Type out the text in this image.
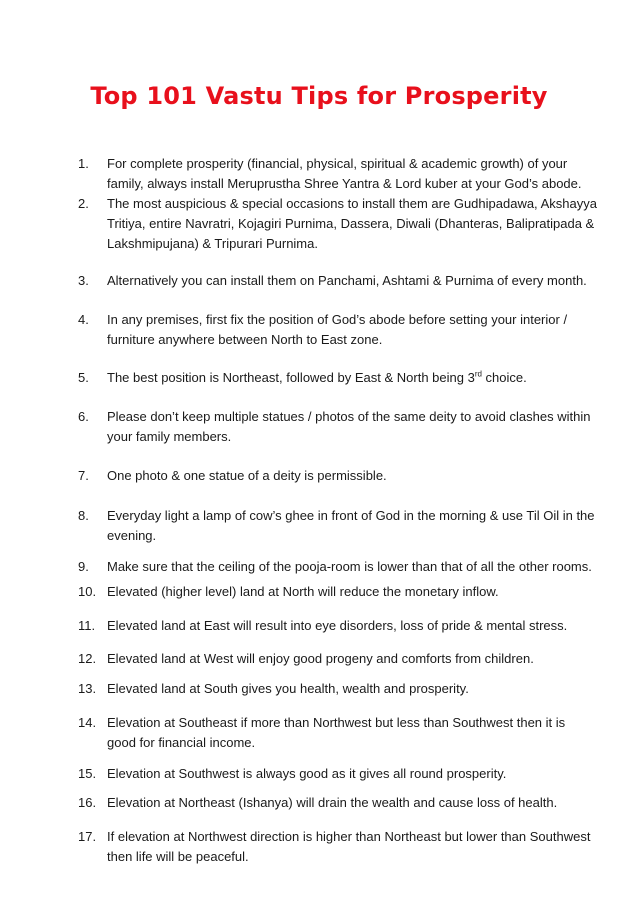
Top 101 Vastu Tips for Prosperity
1. For complete prosperity (financial, physical, spiritual & academic growth) of your family, always install Meruprustha Shree Yantra & Lord kuber at your God’s abode.
2. The most auspicious & special occasions to install them are Gudhipadawa, Akshayya Tritiya, entire Navratri, Kojagiri Purnima, Dassera, Diwali (Dhanteras, Balipratipada & Lakshmipujana) & Tripurari Purnima.
3. Alternatively you can install them on Panchami, Ashtami & Purnima of every month.
4. In any premises, first fix the position of God’s abode before setting your interior / furniture anywhere between North to East zone.
5. The best position is Northeast, followed by East & North being 3rd choice.
6. Please don’t keep multiple statues / photos of the same deity to avoid clashes within your family members.
7. One photo & one statue of a deity is permissible.
8. Everyday light a lamp of cow’s ghee in front of God in the morning & use Til Oil in the evening.
9. Make sure that the ceiling of the pooja-room is lower than that of all the other rooms.
10. Elevated (higher level) land at North will reduce the monetary inflow.
11. Elevated land at East will result into eye disorders, loss of pride & mental stress.
12. Elevated land at West will enjoy good progeny and comforts from children.
13. Elevated land at South gives you health, wealth and prosperity.
14. Elevation at Southeast if more than Northwest but less than Southwest then it is good for financial income.
15. Elevation at Southwest is always good as it gives all round prosperity.
16. Elevation at Northeast (Ishanya) will drain the wealth and cause loss of health.
17. If elevation at Northwest direction is higher than Northeast but lower than Southwest then life will be peaceful.
